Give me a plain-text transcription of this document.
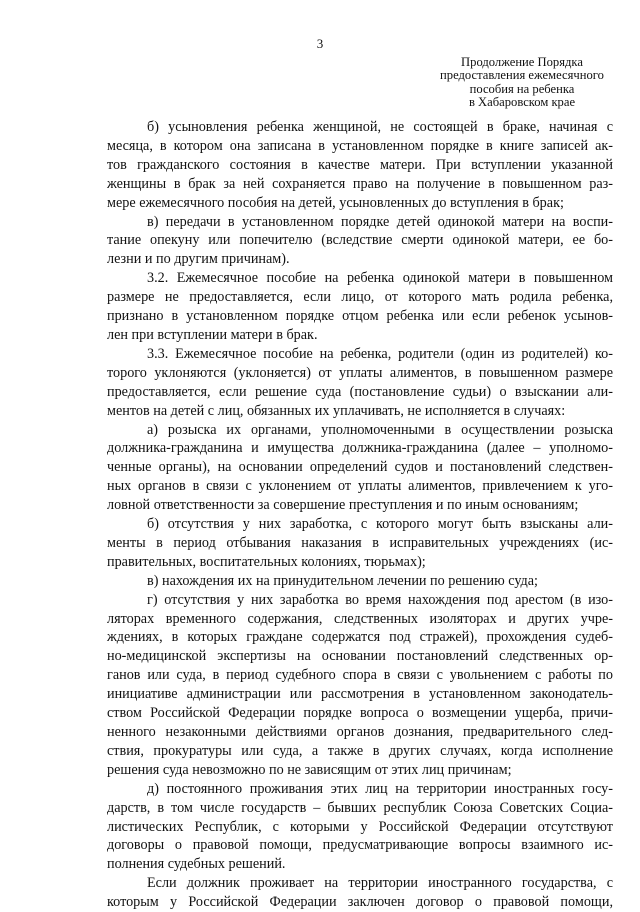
3
Продолжение Порядка
предоставления ежемесячного
пособия на ребенка
в Хабаровском крае

б) усыновления ребенка женщиной, не состоящей в браке, начиная с

месяца, в котором она записана в установленном порядке в книге записей ак-

тов гражданского состояния в качестве матери. При вступлении указанной

женщины в брак за ней сохраняется право на получение в повышенном раз-

мере ежемесячного пособия на детей, усыновленных до вступления в брак;

в) передачи в установленном порядке детей одинокой матери на воспи-

тание опекуну или попечителю (вследствие смерти одинокой матери, ее бо-

лезни и по другим причинам).

3.2. Ежемесячное пособие на ребенка одинокой матери в повышенном

размере не предоставляется, если лицо, от которого мать родила ребенка,

признано в установленном порядке отцом ребенка или если ребенок усынов-

лен при вступлении матери в брак.

3.3. Ежемесячное пособие на ребенка, родители (один из родителей) ко-

торого уклоняются (уклоняется) от уплаты алиментов, в повышенном размере

предоставляется, если решение суда (постановление судьи) о взыскании али-

ментов на детей с лиц, обязанных их уплачивать, не исполняется в случаях:

а) розыска их органами, уполномоченными в осуществлении розыска

должника-гражданина и имущества должника-гражданина (далее – уполномо-

ченные органы), на основании определений судов и постановлений следствен-

ных органов в связи с уклонением от уплаты алиментов, привлечением к уго-

ловной ответственности за совершение преступления и по иным основаниям;

б) отсутствия у них заработка, с которого могут быть взысканы али-

менты в период отбывания наказания в исправительных учреждениях (ис-

правительных, воспитательных колониях, тюрьмах);

в) нахождения их на принудительном лечении по решению суда;

г) отсутствия у них заработка во время нахождения под арестом (в изо-

ляторах временного содержания, следственных изоляторах и других учре-

ждениях, в которых граждане содержатся под стражей), прохождения судеб-

но-медицинской экспертизы на основании постановлений следственных ор-

ганов или суда, в период судебного спора в связи с увольнением с работы по

инициативе администрации или рассмотрения в установленном законодатель-

ством Российской Федерации порядке вопроса о возмещении ущерба, причи-

ненного незаконными действиями органов дознания, предварительного след-

ствия, прокуратуры или суда, а также в других случаях, когда исполнение

решения суда невозможно по не зависящим от этих лиц причинам;

д) постоянного проживания этих лиц на территории иностранных госу-

дарств, в том числе государств – бывших республик Союза Советских Социа-

листических Республик, с которыми у Российской Федерации отсутствуют

договоры о правовой помощи, предусматривающие вопросы взаимного ис-

полнения судебных решений.

Если должник проживает на территории иностранного государства, с

которым у Российской Федерации заключен договор о правовой помощи,
